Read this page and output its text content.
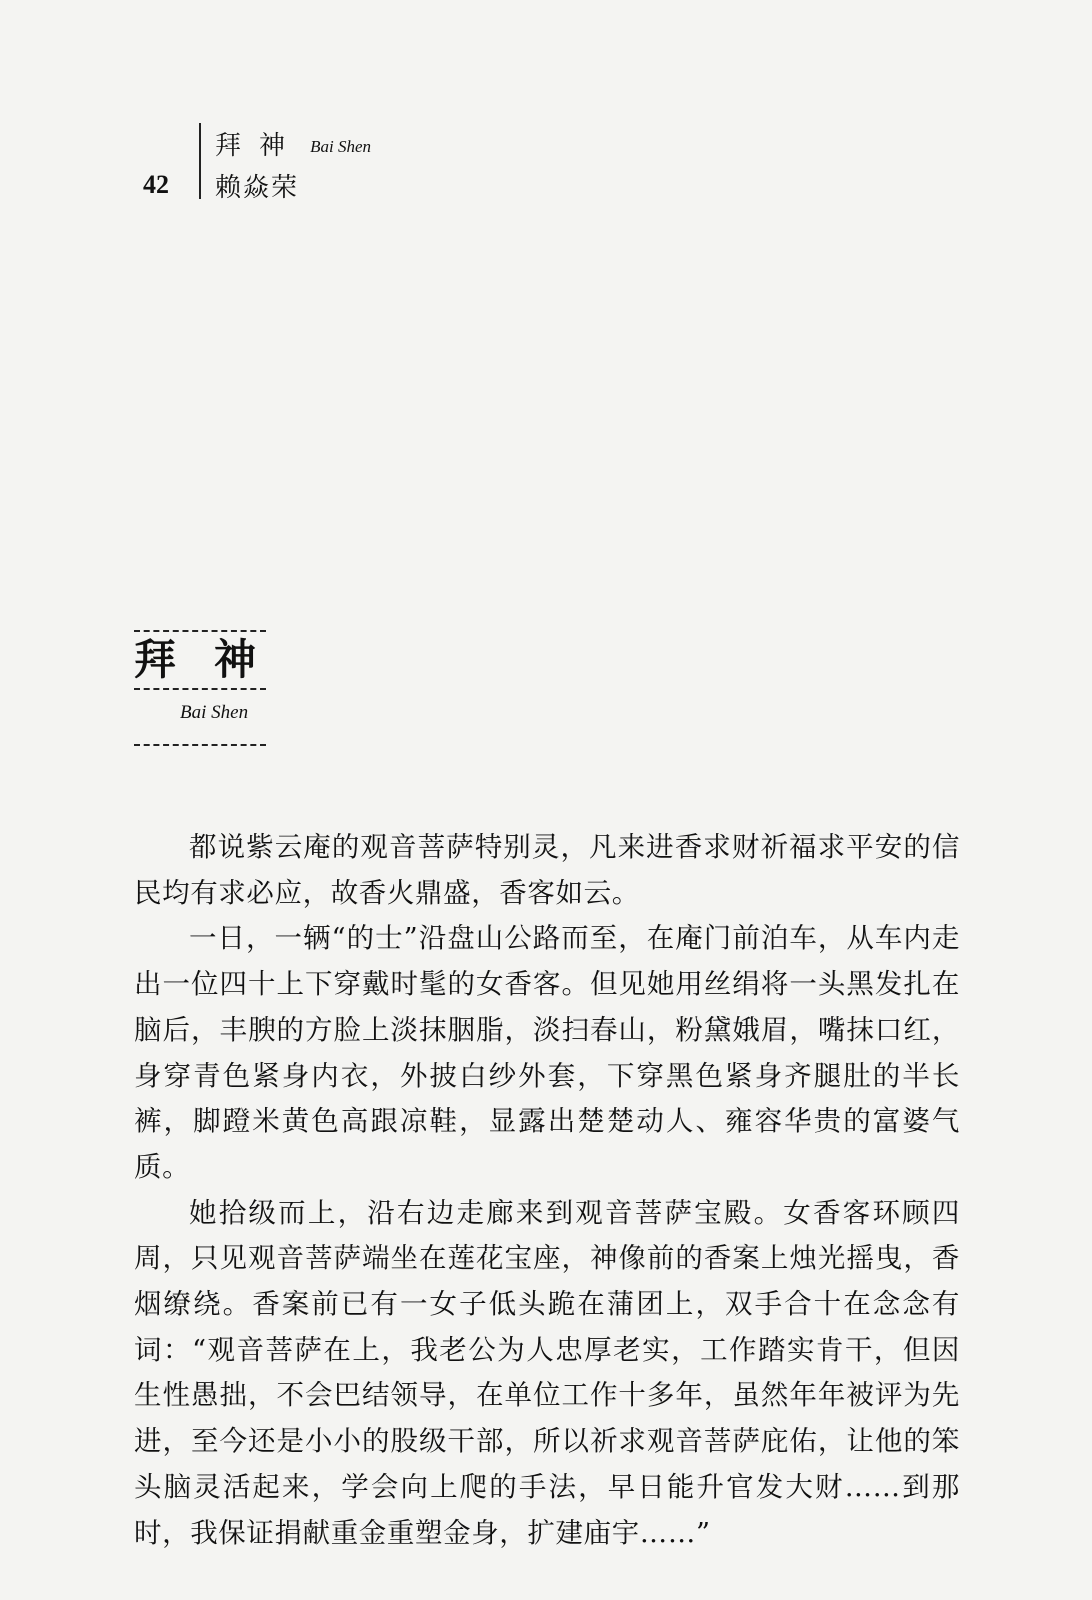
42
拜神 Bai Shen
赖焱荣
拜神
Bai Shen

都说紫云庵的观音菩萨特别灵，凡来进香求财祈福求平安的信民均有求必应，故香火鼎盛，香客如云。

一日，一辆“的士”沿盘山公路而至，在庵门前泊车，从车内走出一位四十上下穿戴时髦的女香客。但见她用丝绢将一头黑发扎在脑后，丰腴的方脸上淡抹胭脂，淡扫春山，粉黛娥眉，嘴抹口红，身穿青色紧身内衣，外披白纱外套，下穿黑色紧身齐腿肚的半长裤，脚蹬米黄色高跟凉鞋，显露出楚楚动人、雍容华贵的富婆气质。

她拾级而上，沿右边走廊来到观音菩萨宝殿。女香客环顾四周，只见观音菩萨端坐在莲花宝座，神像前的香案上烛光摇曳，香烟缭绕。香案前已有一女子低头跪在蒲团上，双手合十在念念有词：“观音菩萨在上，我老公为人忠厚老实，工作踏实肯干，但因生性愚拙，不会巴结领导，在单位工作十多年，虽然年年被评为先进，至今还是小小的股级干部，所以祈求观音菩萨庇佑，让他的笨头脑灵活起来，学会向上爬的手法，早日能升官发大财……到那时，我保证捐献重金重塑金身，扩建庙宇……”
